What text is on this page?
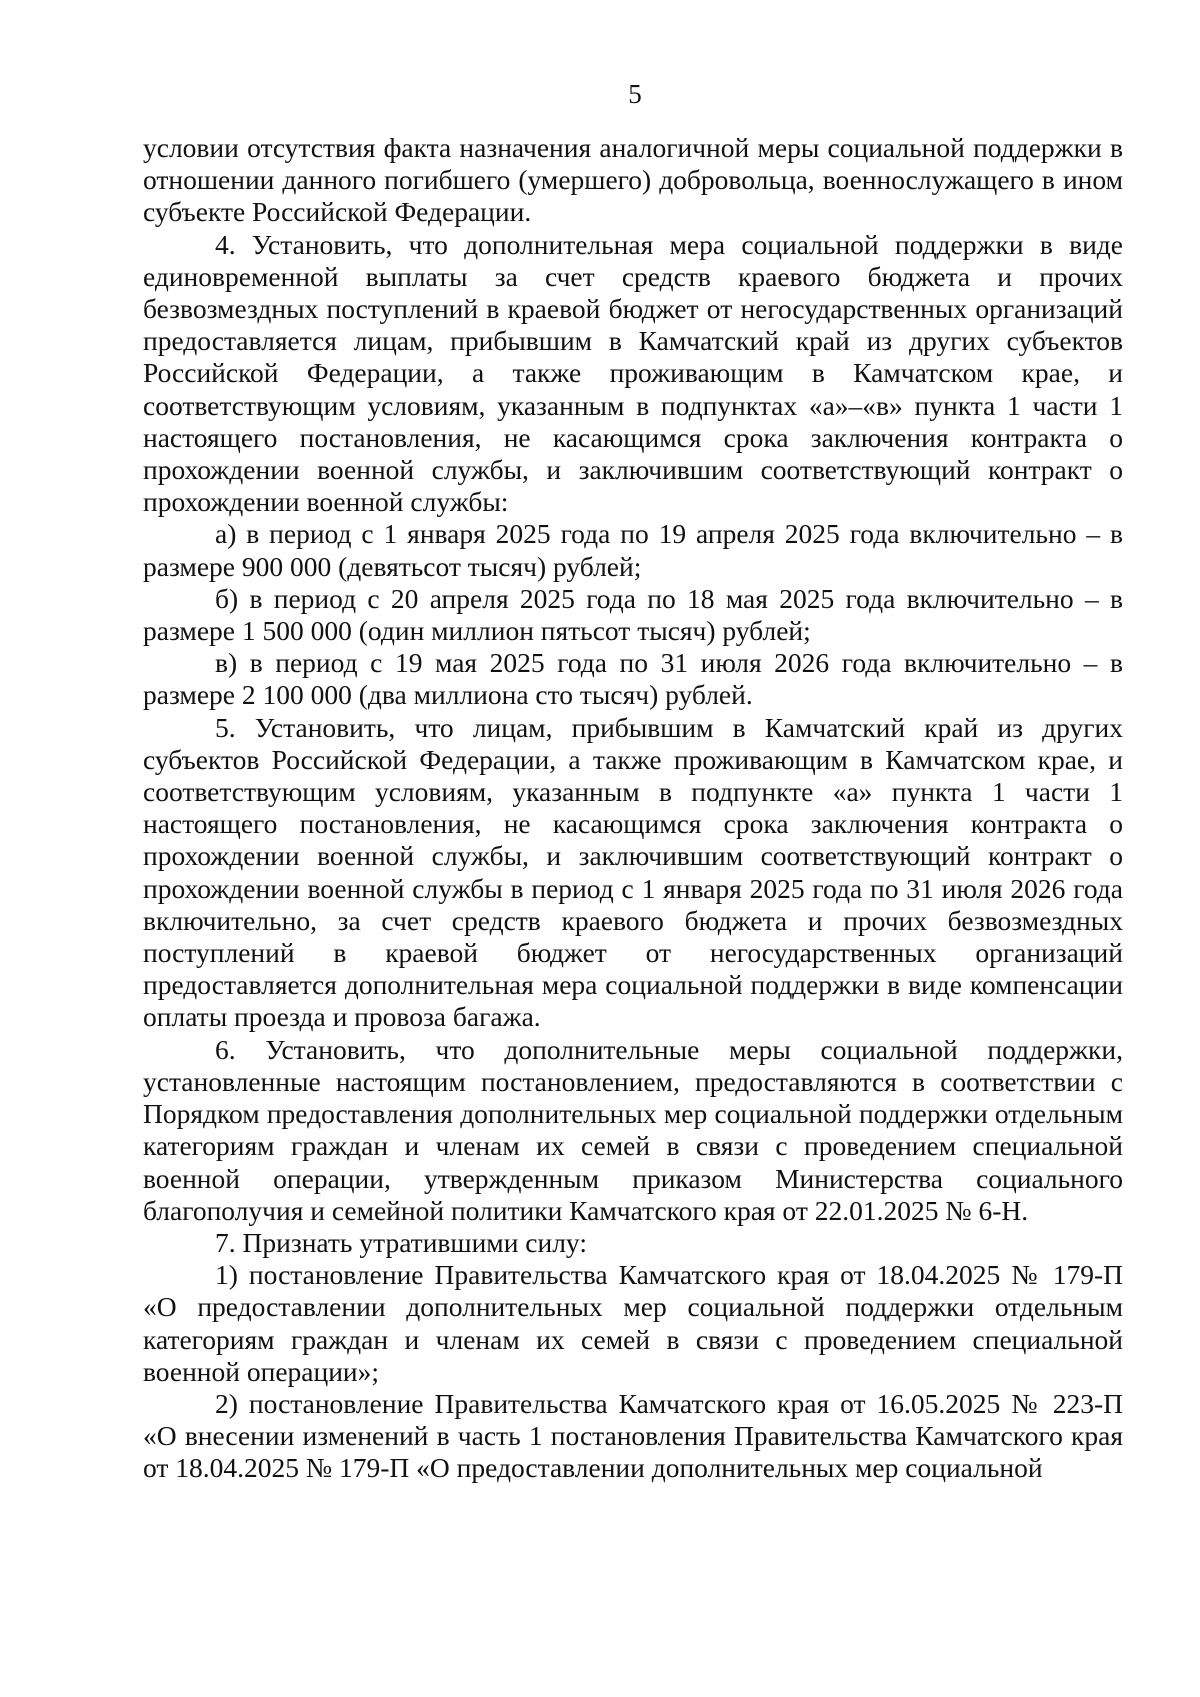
5

условии отсутствия факта назначения аналогичной меры социальной поддержки в отношении данного погибшего (умершего) добровольца, военнослужащего в ином субъекте Российской Федерации.

4. Установить, что дополнительная мера социальной поддержки в виде единовременной выплаты за счет средств краевого бюджета и прочих безвозмездных поступлений в краевой бюджет от негосударственных организаций предоставляется лицам, прибывшим в Камчатский край из других субъектов Российской Федерации, а также проживающим в Камчатском крае, и соответствующим условиям, указанным в подпунктах «а»–«в» пункта 1 части 1 настоящего постановления, не касающимся срока заключения контракта о прохождении военной службы, и заключившим соответствующий контракт о прохождении военной службы:

а) в период с 1 января 2025 года по 19 апреля 2025 года включительно – в размере 900 000 (девятьсот тысяч) рублей;

б) в период с 20 апреля 2025 года по 18 мая 2025 года включительно – в размере 1 500 000 (один миллион пятьсот тысяч) рублей;

в) в период с 19 мая 2025 года по 31 июля 2026 года включительно – в размере 2 100 000 (два миллиона сто тысяч) рублей.

5. Установить, что лицам, прибывшим в Камчатский край из других субъектов Российской Федерации, а также проживающим в Камчатском крае, и соответствующим условиям, указанным в подпункте «а» пункта 1 части 1 настоящего постановления, не касающимся срока заключения контракта о прохождении военной службы, и заключившим соответствующий контракт о прохождении военной службы в период с 1 января 2025 года по 31 июля 2026 года включительно, за счет средств краевого бюджета и прочих безвозмездных поступлений в краевой бюджет от негосударственных организаций предоставляется дополнительная мера социальной поддержки в виде компенсации оплаты проезда и провоза багажа.

6. Установить, что дополнительные меры социальной поддержки, установленные настоящим постановлением, предоставляются в соответствии с Порядком предоставления дополнительных мер социальной поддержки отдельным категориям граждан и членам их семей в связи с проведением специальной военной операции, утвержденным приказом Министерства социального благополучия и семейной политики Камчатского края от 22.01.2025 № 6-Н.

7. Признать утратившими силу:

1) постановление Правительства Камчатского края от 18.04.2025 № 179-П «О предоставлении дополнительных мер социальной поддержки отдельным категориям граждан и членам их семей в связи с проведением специальной военной операции»;

2) постановление Правительства Камчатского края от 16.05.2025 № 223-П «О внесении изменений в часть 1 постановления Правительства Камчатского края от 18.04.2025 № 179-П «О предоставлении дополнительных мер социальной
